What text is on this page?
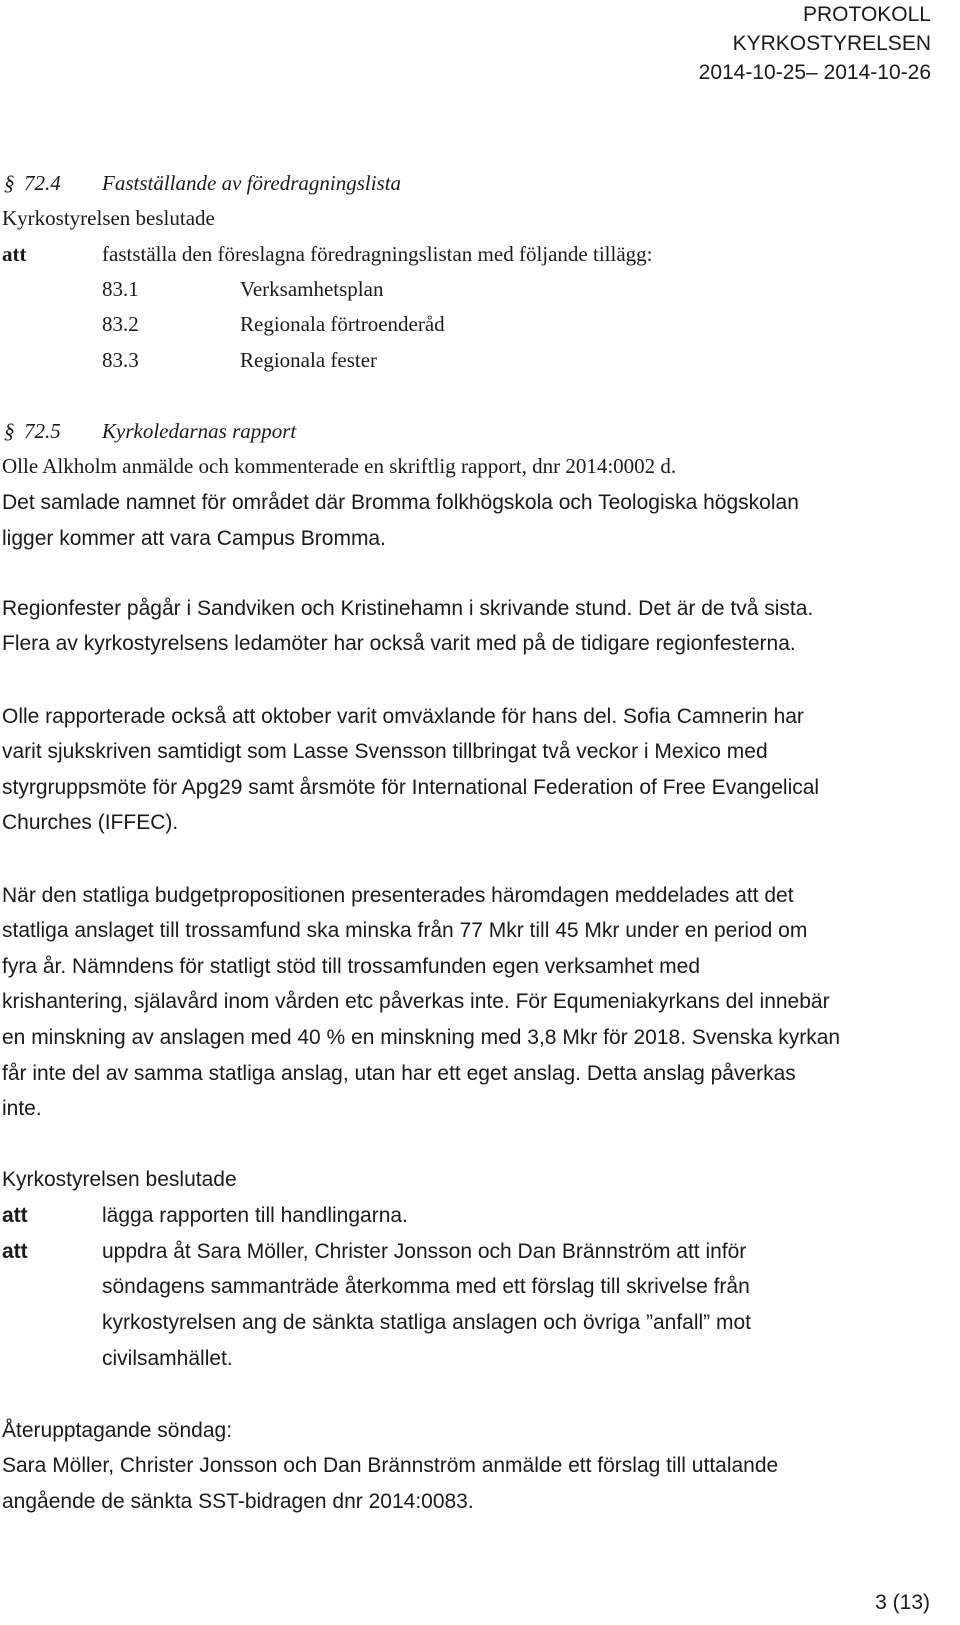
PROTOKOLL
KYRKOSTYRELSEN
2014-10-25– 2014-10-26
§ 72.4 Fastställande av föredragningslista
Kyrkostyrelsen beslutade
att	fastställa den föreslagna föredragningslistan med följande tillägg:
83.1	Verksamhetsplan
83.2	Regionala förtroenderåd
83.3	Regionala fester
§ 72.5 Kyrkoledarnas rapport
Olle Alkholm anmälde och kommenterade en skriftlig rapport, dnr 2014:0002 d.
Det samlade namnet för området där Bromma folkhögskola och Teologiska högskolan
ligger kommer att vara Campus Bromma.
Regionfester pågår i Sandviken och Kristinehamn i skrivande stund. Det är de två sista.
Flera av kyrkostyrelsens ledamöter har också varit med på de tidigare regionfesterna.
Olle rapporterade också att oktober varit omväxlande för hans del. Sofia Camnerin har
varit sjukskriven samtidigt som Lasse Svensson tillbringat två veckor i Mexico med
styrgruppsmöte för Apg29 samt årsmöte för International Federation of Free Evangelical
Churches (IFFEC).
När den statliga budgetpropositionen presenterades häromdagen meddelades att det
statliga anslaget till trossamfund ska minska från 77 Mkr till 45 Mkr under en period om
fyra år. Nämndens för statligt stöd till trossamfunden egen verksamhet med
krishantering, själavård inom vården etc påverkas inte. För Equmeniakyrkans del innebär
en minskning av anslagen med 40 % en minskning med 3,8 Mkr för 2018. Svenska kyrkan
får inte del av samma statliga anslag, utan har ett eget anslag. Detta anslag påverkas
inte.
Kyrkostyrelsen beslutade
att	lägga rapporten till handlingarna.
att	uppdra åt Sara Möller, Christer Jonsson och Dan Brännström att inför
söndagens sammanträde återkomma med ett förslag till skrivelse från
kyrkostyrelsen ang de sänkta statliga anslagen och övriga ”anfall” mot
civilsamhället.
Återupptagande söndag:
Sara Möller, Christer Jonsson och Dan Brännström anmälde ett förslag till uttalande
angående de sänkta SST-bidragen dnr 2014:0083.
3 (13)
